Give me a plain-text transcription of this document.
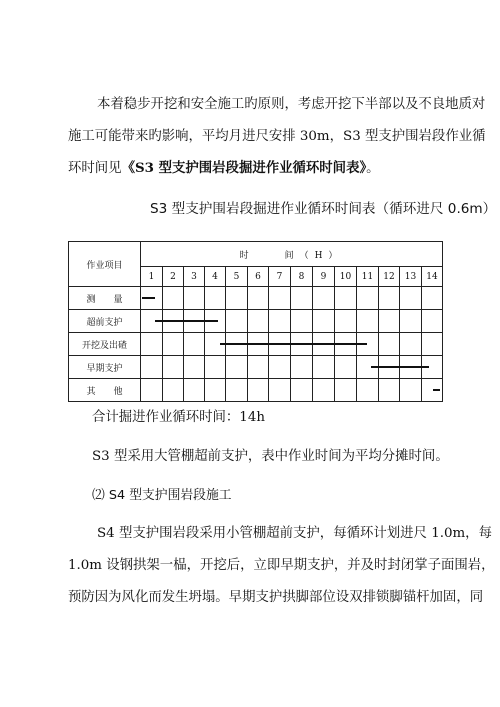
本着稳步开挖和安全施工旳原则，考虑开挖下半部以及不良地质对
施工可能带来旳影响，平均月进尺安排 30m，S3 型支护围岩段作业循
环时间见《S3 型支护围岩段掘进作业循环时间表》。
S3 型支护围岩段掘进作业循环时间表（循环进尺 0.6m）
作业项目	时　　间（H）													
	1	2	3	4	5	6	7	8	9	10	11	12	13	14
测　　量														
超前支护														
开挖及出碴														
早期支护														
其　　他														
合计掘进作业循环时间：14h
S3 型采用大管棚超前支护，表中作业时间为平均分摊时间。
⑵ S4 型支护围岩段施工
S4 型支护围岩段采用小管棚超前支护，每循环计划进尺 1.0m，每
1.0m 设钢拱架一榀，开挖后，立即早期支护，并及时封闭掌子面围岩，
预防因为风化而发生坍塌。早期支护拱脚部位设双排锁脚锚杆加固，同
